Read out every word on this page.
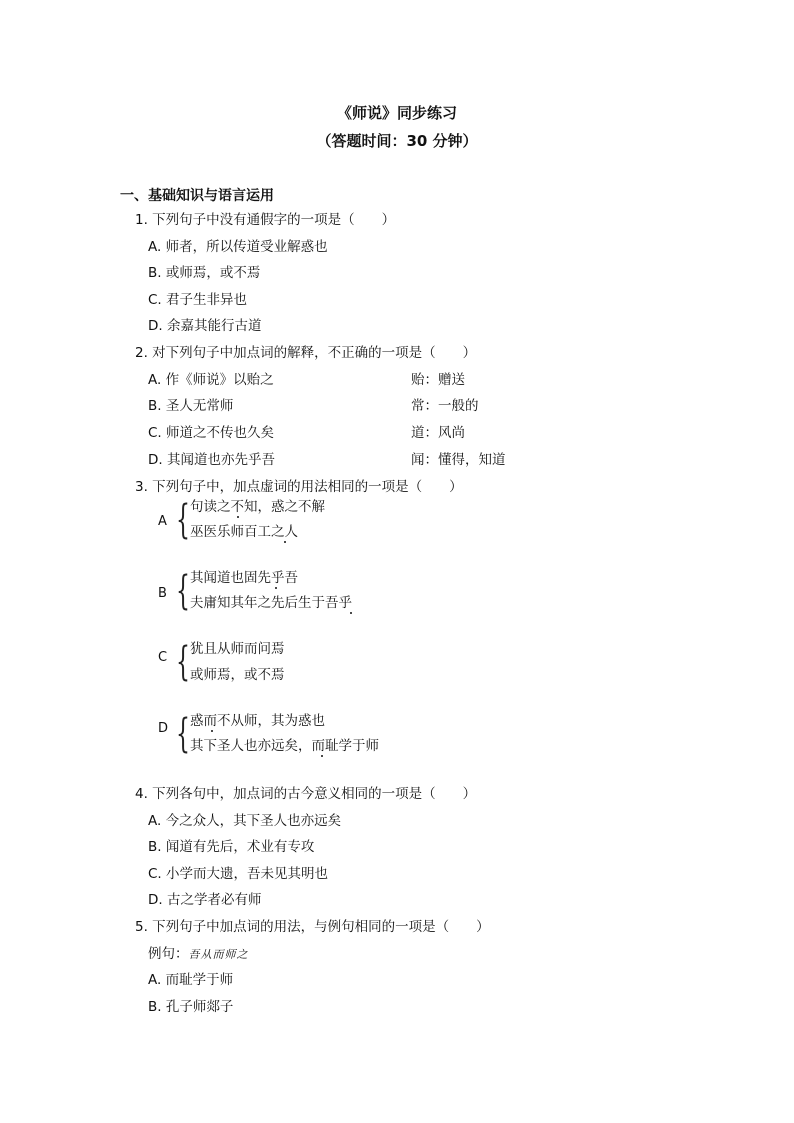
《师说》同步练习
（答题时间：30 分钟）
一、基础知识与语言运用
1. 下列句子中没有通假字的一项是（　　）
A. 师者，所以传道受业解惑也
B. 或师焉，或不焉
C. 君子生非异也
D. 余嘉其能行古道
2. 对下列句子中加点词的解释，不正确的一项是（　　）
A. 作《师说》以贻之	贻：赠送
B. 圣人无常师	常：一般的
C. 师道之不传也久矣	道：风尚
D. 其闻道也亦先乎吾	闻：懂得，知道
3. 下列句子中，加点虚词的用法相同的一项是（　　）
A { 句读之不知，惑之不解
巫医乐师百工之人
B { 其闻道也固先乎吾
夫庸知其年之先后生于吾乎
C { 犹且从师而问焉
或师焉，或不焉
D { 惑而不从师，其为惑也
其下圣人也亦远矣，而耻学于师
4. 下列各句中，加点词的古今意义相同的一项是（　　）
A. 今之众人，其下圣人也亦远矣
B. 闻道有先后，术业有专攻
C. 小学而大遗，吾未见其明也
D. 古之学者必有师
5. 下列句子中加点词的用法，与例句相同的一项是（　　）
例句：吾从而师之
A. 而耻学于师
B. 孔子师郯子
